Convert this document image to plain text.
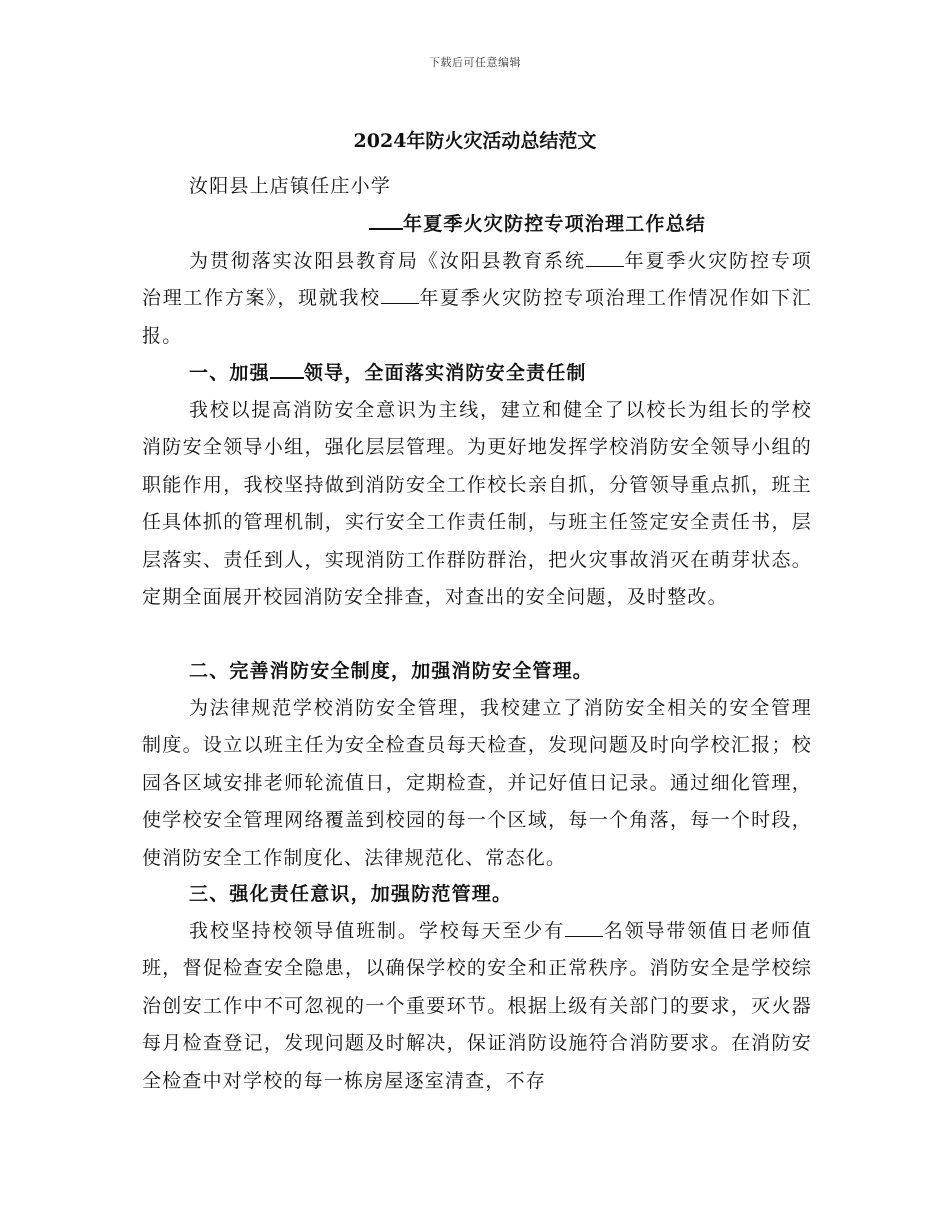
下载后可任意编辑
2024年防火灾活动总结范文

汝阳县上店镇任庄小学

年夏季火灾防控专项治理工作总结

为贯彻落实汝阳县教育局《汝阳县教育系统 年夏季火灾防控专项治理工作方案》，现就我校 年夏季火灾防控专项治理工作情况作如下汇报。

一、加强 领导，全面落实消防安全责任制

我校以提高消防安全意识为主线，建立和健全了以校长为组长的学校消防安全领导小组，强化层层管理。为更好地发挥学校消防安全领导小组的职能作用，我校坚持做到消防安全工作校长亲自抓，分管领导重点抓，班主任具体抓的管理机制，实行安全工作责任制，与班主任签定安全责任书，层层落实、责任到人，实现消防工作群防群治，把火灾事故消灭在萌芽状态。定期全面展开校园消防安全排查，对查出的安全问题，及时整改。

二、完善消防安全制度，加强消防安全管理。

为法律规范学校消防安全管理，我校建立了消防安全相关的安全管理制度。设立以班主任为安全检查员每天检查，发现问题及时向学校汇报；校园各区域安排老师轮流值日，定期检查，并记好值日记录。通过细化管理，使学校安全管理网络覆盖到校园的每一个区域，每一个角落，每一个时段，使消防安全工作制度化、法律规范化、常态化。

三、强化责任意识，加强防范管理。

我校坚持校领导值班制。学校每天至少有 名领导带领值日老师值班，督促检查安全隐患，以确保学校的安全和正常秩序。消防安全是学校综治创安工作中不可忽视的一个重要环节。根据上级有关部门的要求，灭火器每月检查登记，发现问题及时解决，保证消防设施符合消防要求。在消防安全检查中对学校的每一栋房屋逐室清查，不存
